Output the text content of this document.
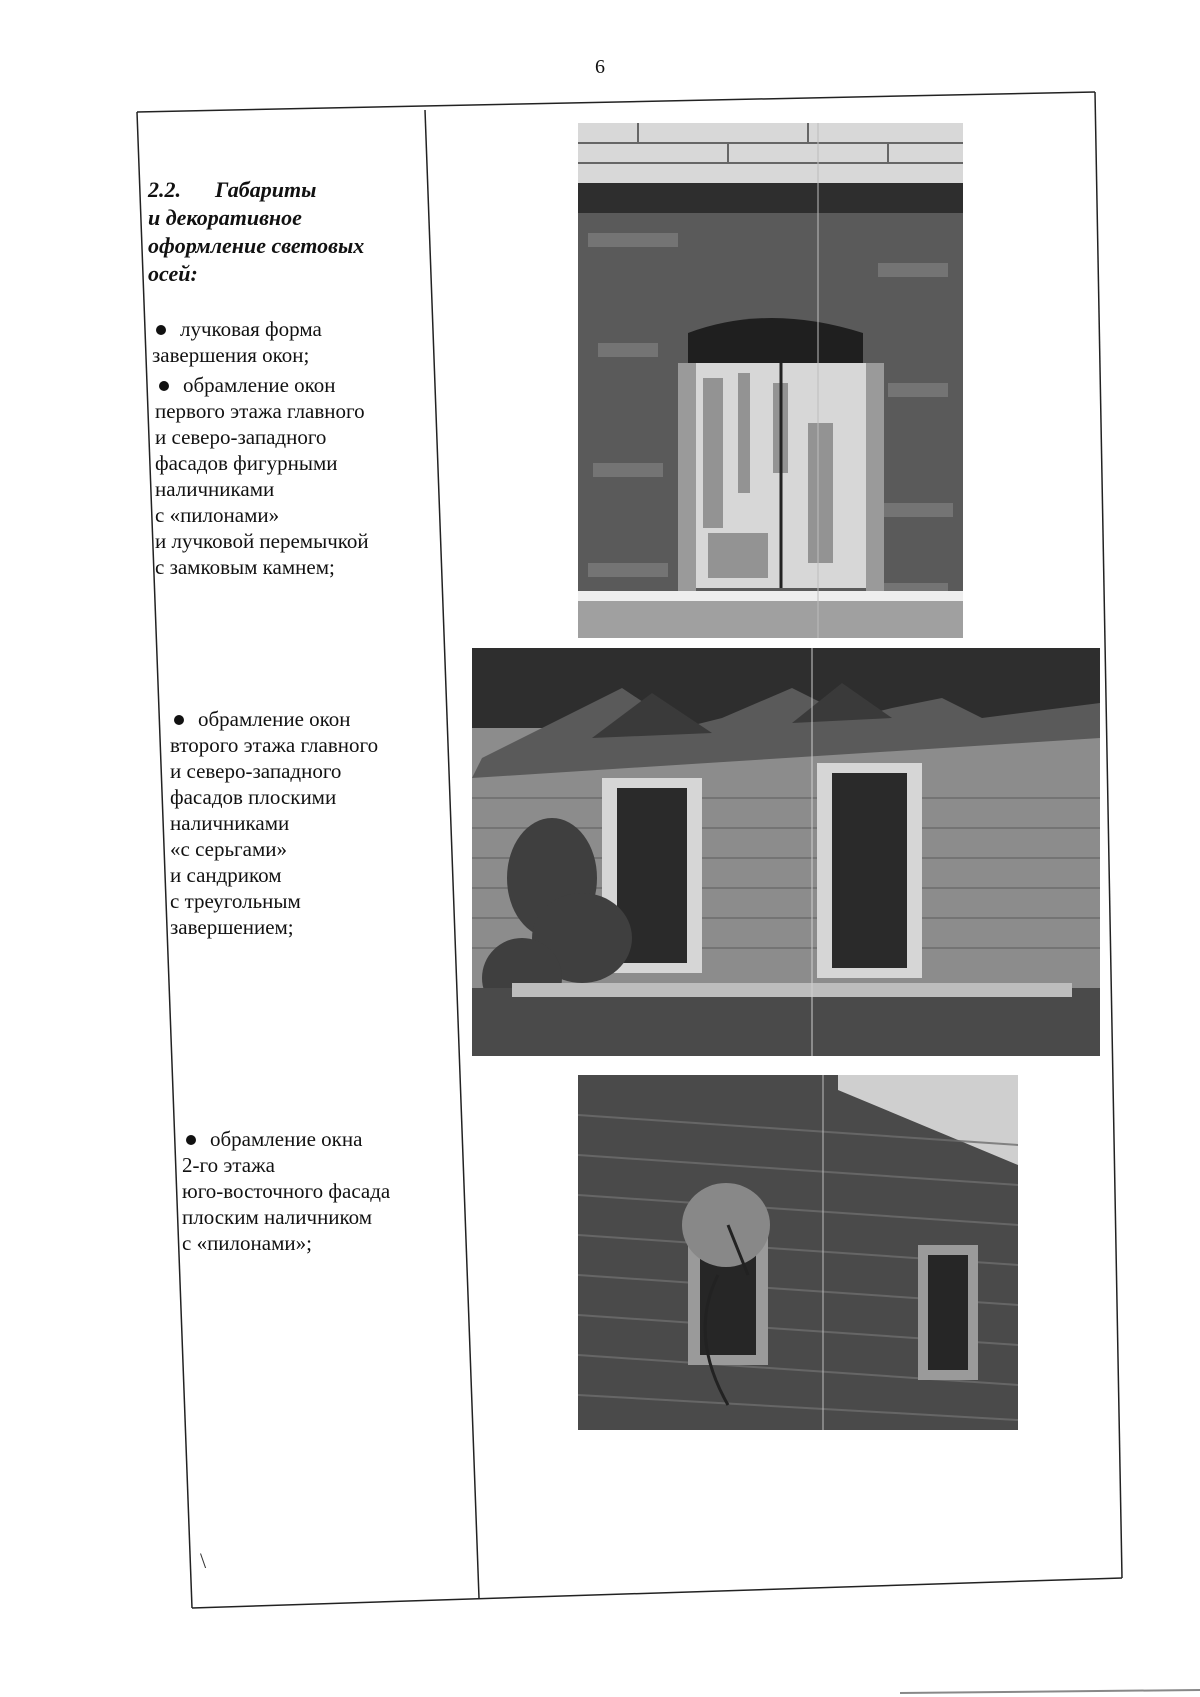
6

2.2. Габариты
и декоративное
оформление световых
осей:

лучковая форма
завершения окон;

обрамление окон
первого этажа главного
и северо-западного
фасадов фигурными
наличниками
с «пилонами»
и лучковой перемычкой
с замковым камнем;

обрамление окон
второго этажа главного
и северо-западного
фасадов плоскими
наличниками
«с серьгами»
и сандриком
с треугольным
завершением;

обрамление окна
2-го этажа
юго-восточного фасада
плоским наличником
с «пилонами»;

\
